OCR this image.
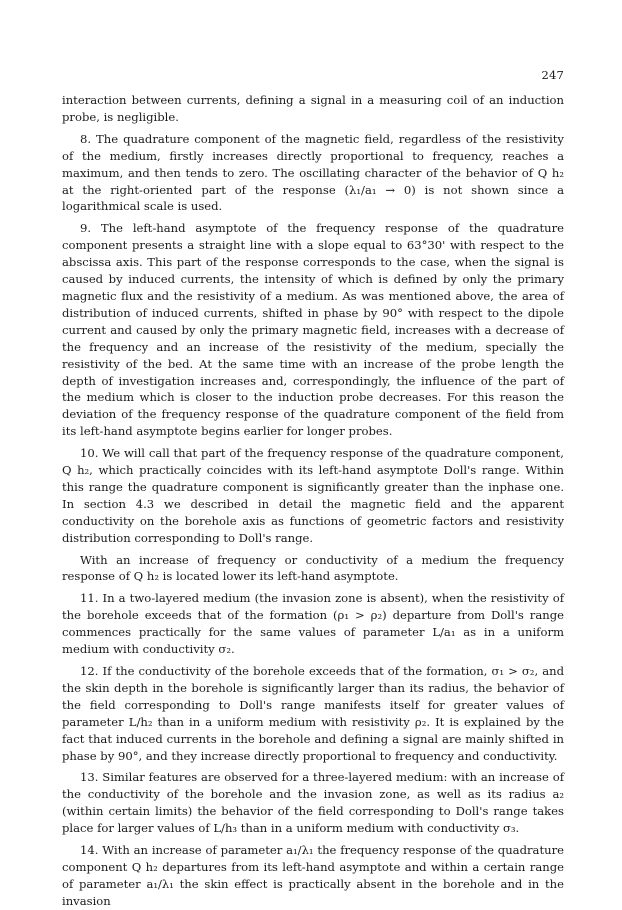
247

interaction between currents, defining a signal in a measuring coil of an induction probe, is negligible.

8. The quadrature component of the magnetic field, regardless of the resistivity of the medium, firstly increases directly proportional to frequency, reaches a maximum, and then tends to zero. The oscillating character of the behavior of Q h₂ at the right-oriented part of the response (λ₁/a₁ → 0) is not shown since a logarithmical scale is used.

9. The left-hand asymptote of the frequency response of the quadrature component presents a straight line with a slope equal to 63°30' with respect to the abscissa axis. This part of the response corresponds to the case, when the signal is caused by induced currents, the intensity of which is defined by only the primary magnetic flux and the resistivity of a medium. As was mentioned above, the area of distribution of induced currents, shifted in phase by 90° with respect to the dipole current and caused by only the primary magnetic field, increases with a decrease of the frequency and an increase of the resistivity of the medium, specially the resistivity of the bed. At the same time with an increase of the probe length the depth of investigation increases and, correspondingly, the influence of the part of the medium which is closer to the induction probe decreases. For this reason the deviation of the frequency response of the quadrature component of the field from its left-hand asymptote begins earlier for longer probes.

10. We will call that part of the frequency response of the quadrature component, Q h₂, which practically coincides with its left-hand asymptote Doll's range. Within this range the quadrature component is significantly greater than the inphase one. In section 4.3 we described in detail the magnetic field and the apparent conductivity on the borehole axis as functions of geometric factors and resistivity distribution corresponding to Doll's range.

With an increase of frequency or conductivity of a medium the frequency response of Q h₂ is located lower its left-hand asymptote.

11. In a two-layered medium (the invasion zone is absent), when the resistivity of the borehole exceeds that of the formation (ρ₁ > ρ₂) departure from Doll's range commences practically for the same values of parameter L/a₁ as in a uniform medium with conductivity σ₂.

12. If the conductivity of the borehole exceeds that of the formation, σ₁ > σ₂, and the skin depth in the borehole is significantly larger than its radius, the behavior of the field corresponding to Doll's range manifests itself for greater values of parameter L/h₂ than in a uniform medium with resistivity ρ₂. It is explained by the fact that induced currents in the borehole and defining a signal are mainly shifted in phase by 90°, and they increase directly proportional to frequency and conductivity.

13. Similar features are observed for a three-layered medium: with an increase of the conductivity of the borehole and the invasion zone, as well as its radius a₂ (within certain limits) the behavior of the field corresponding to Doll's range takes place for larger values of L/h₃ than in a uniform medium with conductivity σ₃.

14. With an increase of parameter a₁/λ₁ the frequency response of the quadrature component Q h₂ departures from its left-hand asymptote and within a certain range of parameter a₁/λ₁ the skin effect is practically absent in the borehole and in the invasion
